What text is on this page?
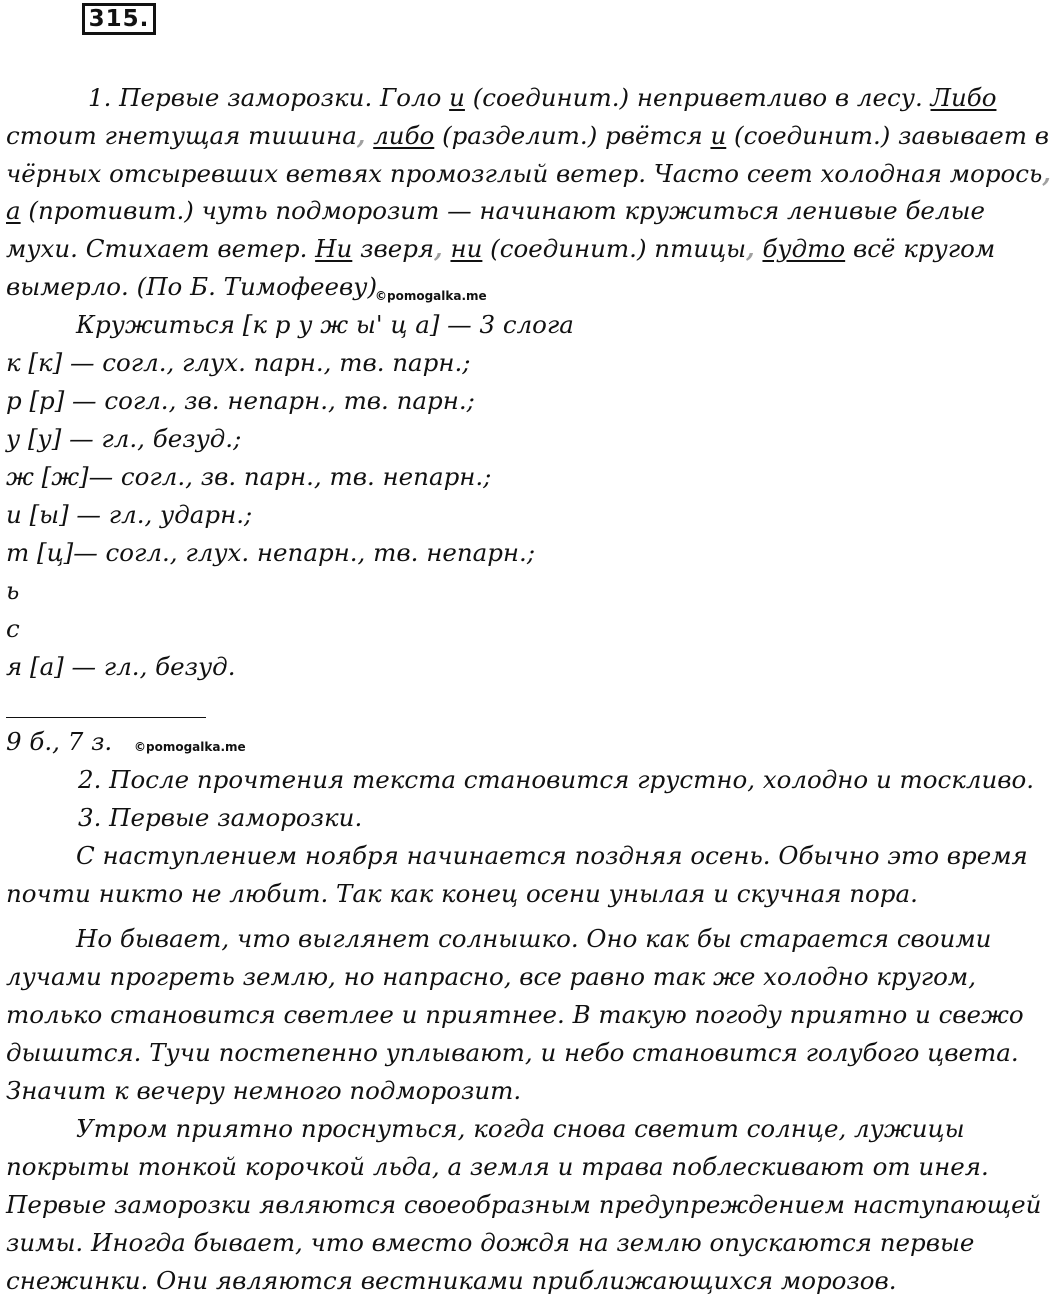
315.
1. Первые заморозки. Голо и (соединит.) неприветливо в лесу. Либо
стоит гнетущая тишина, либо (разделит.) рвётся и (соединит.) завывает в
чёрных отсыревших ветвях промозглый ветер. Часто сеет холодная морось,
а (противит.) чуть подморозит — начинают кружиться ленивые белые
мухи. Стихает ветер. Ни зверя, ни (соединит.) птицы, будто всё кругом
вымерло. (По Б. Тимофееву)
©pomogalka.me
Кружиться [к р у ж ы' ц а] — 3 слога
к [к] — согл., глух. парн., тв. парн.;
р [р] — согл., зв. непарн., тв. парн.;
у [у] — гл., безуд.;
ж [ж]— согл., зв. парн., тв. непарн.;
и [ы] — гл., ударн.;
т [ц]— согл., глух. непарн., тв. непарн.;
ь
с
я [а] — гл., безуд.
9 б., 7 з. ©pomogalka.me
2. После прочтения текста становится грустно, холодно и тоскливо.
3. Первые заморозки.
С наступлением ноября начинается поздняя осень. Обычно это время
почти никто не любит. Так как конец осени унылая и скучная пора.
Но бывает, что выглянет солнышко. Оно как бы старается своими
лучами прогреть землю, но напрасно, все равно так же холодно кругом,
только становится светлее и приятнее. В такую погоду приятно и свежо
дышится. Тучи постепенно уплывают, и небо становится голубого цвета.
Значит к вечеру немного подморозит.
Утром приятно проснуться, когда снова светит солнце, лужицы
покрыты тонкой корочкой льда, а земля и трава поблескивают от инея.
Первые заморозки являются своеобразным предупреждением наступающей
зимы. Иногда бывает, что вместо дождя на землю опускаются первые
снежинки. Они являются вестниками приближающихся морозов.
